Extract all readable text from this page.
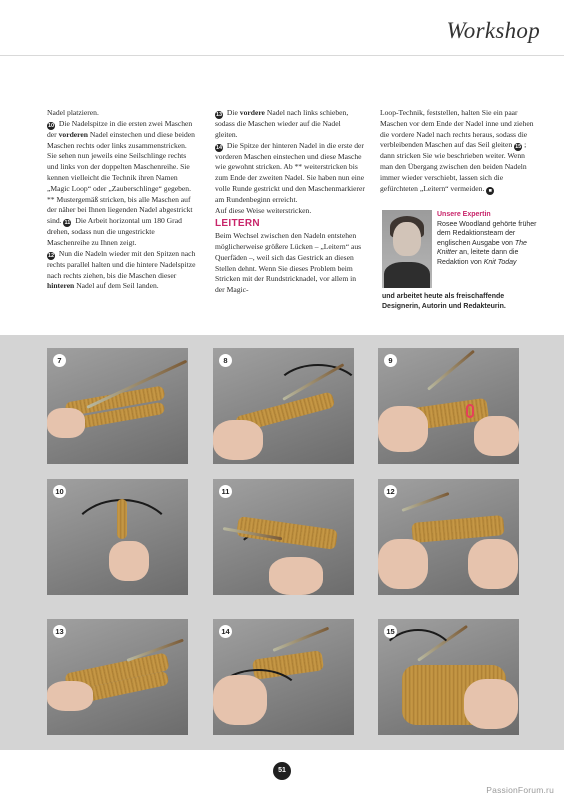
Workshop

Nadel platzieren.

10 Die Nadelspitze in die ersten zwei Maschen der vorderen Nadel einstechen und diese beiden Maschen rechts oder links zusammenstricken. Sie sehen nun jeweils eine Seilschlinge rechts und links von der doppelten Maschenreihe. Sie kennen vielleicht die Technik ihren Namen „Magic Loop“ oder „Zauberschlinge“ gegeben.

** Mustergemäß stricken, bis alle Maschen auf der näher bei Ihnen liegenden Nadel abgestrickt sind. 11 Die Arbeit horizontal um 180 Grad drehen, sodass nun die ungestrickte Maschenreihe zu Ihnen zeigt.

12 Nun die Nadeln wieder mit den Spitzen nach rechts parallel halten und die hintere Nadelspitze nach rechts ziehen, bis die Maschen dieser hinteren Nadel auf dem Seil landen.

13 Die vordere Nadel nach links schieben, sodass die Maschen wieder auf die Nadel gleiten.

14 Die Spitze der hinteren Nadel in die erste der vorderen Maschen einstechen und diese Masche wie gewohnt stricken. Ab ** weiterstricken bis zum Ende der zweiten Nadel. Sie haben nun eine volle Runde gestrickt und den Maschenmarkierer am Rundenbeginn erreicht.

Auf diese Weise weiterstricken.

LEITERN

Beim Wechsel zwischen den Nadeln entstehen möglicherweise größere Lücken – „Leitern“ aus Querfäden –, weil sich das Gestrick an diesen Stellen dehnt. Wenn Sie dieses Problem beim Stricken mit der Rundstricknadel, vor allem in der Magic-

Loop-Technik, feststellen, halten Sie ein paar Maschen vor dem Ende der Nadel inne und ziehen die vordere Nadel nach rechts heraus, sodass die verbleibenden Maschen auf das Seil gleiten 15 ; dann stricken Sie wie beschrieben weiter. Wenn man den Übergang zwischen den beiden Nadeln immer wieder verschiebt, lassen sich die gefürchteten „Leitern“ vermeiden. ■

Unsere Expertin
Rosee Woodland gehörte früher dem Redaktionsteam der englischen Ausgabe von The Knitter an, leitete dann die Redaktion von Knit Today
und arbeitet heute als freischaffende Designerin, Autorin und Redakteurin.
7	8	9
10	11	12
13	14	15
51
PassionForum.ru
